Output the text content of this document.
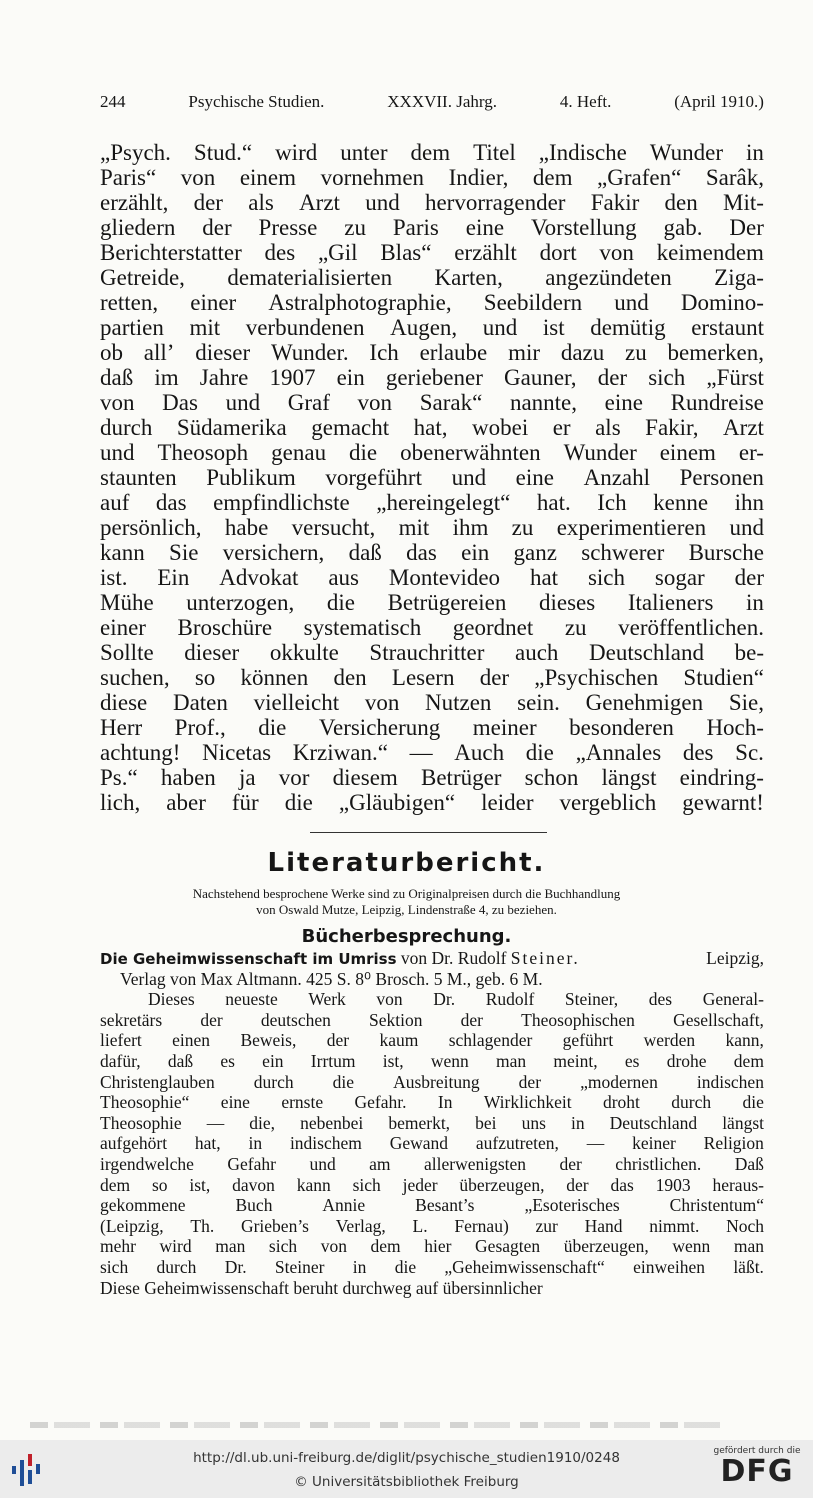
244	Psychische Studien.	XXXVII. Jahrg.	4. Heft.	(April 1910.)
„Psych. Stud.“ wird unter dem Titel „Indische Wunder in
Paris“ von einem vornehmen Indier, dem „Grafen“ Sarâk,
erzählt, der als Arzt und hervorragender Fakir den Mit-
gliedern der Presse zu Paris eine Vorstellung gab. Der
Berichterstatter des „Gil Blas“ erzählt dort von keimendem
Getreide, dematerialisierten Karten, angezündeten Ziga-
retten, einer Astralphotographie, Seebildern und Domino-
partien mit verbundenen Augen, und ist demütig erstaunt
ob all’ dieser Wunder. Ich erlaube mir dazu zu bemerken,
daß im Jahre 1907 ein geriebener Gauner, der sich „Fürst
von Das und Graf von Sarak“ nannte, eine Rundreise
durch Südamerika gemacht hat, wobei er als Fakir, Arzt
und Theosoph genau die obenerwähnten Wunder einem er-
staunten Publikum vorgeführt und eine Anzahl Personen
auf das empfindlichste „hereingelegt“ hat. Ich kenne ihn
persönlich, habe versucht, mit ihm zu experimentieren und
kann Sie versichern, daß das ein ganz schwerer Bursche
ist. Ein Advokat aus Montevideo hat sich sogar der
Mühe unterzogen, die Betrügereien dieses Italieners in
einer Broschüre systematisch geordnet zu veröffentlichen.
Sollte dieser okkulte Strauchritter auch Deutschland be-
suchen, so können den Lesern der „Psychischen Studien“
diese Daten vielleicht von Nutzen sein. Genehmigen Sie,
Herr Prof., die Versicherung meiner besonderen Hoch-
achtung! Nicetas Krziwan.“ — Auch die „Annales des Sc.
Ps.“ haben ja vor diesem Betrüger schon längst eindring-
lich, aber für die „Gläubigen“ leider vergeblich gewarnt!
Literaturbericht.
Nachstehend besprochene Werke sind zu Originalpreisen durch die Buchhandlung
von Oswald Mutze, Leipzig, Lindenstraße 4, zu beziehen.
Bücherbesprechung.
Die Geheimwissenschaft im Umriss von Dr. Rudolf Steiner.	Leipzig,
Verlag von Max Altmann. 425 S. 8⁰ Brosch. 5 M., geb. 6 M.
Dieses neueste Werk von Dr. Rudolf Steiner, des General-
sekretärs der deutschen Sektion der Theosophischen Gesellschaft,
liefert einen Beweis, der kaum schlagender geführt werden kann,
dafür, daß es ein Irrtum ist, wenn man meint, es drohe dem
Christenglauben durch die Ausbreitung der „modernen indischen
Theosophie“ eine ernste Gefahr. In Wirklichkeit droht durch die
Theosophie — die, nebenbei bemerkt, bei uns in Deutschland längst
aufgehört hat, in indischem Gewand aufzutreten, — keiner Religion
irgendwelche Gefahr und am allerwenigsten der christlichen. Daß
dem so ist, davon kann sich jeder überzeugen, der das 1903 heraus-
gekommene	Buch	Annie	Besant’s	„Esoterisches	Christentum“
(Leipzig, Th. Grieben’s Verlag, L. Fernau) zur Hand nimmt. Noch
mehr wird man sich von dem hier Gesagten überzeugen, wenn man
sich durch Dr. Steiner in die „Geheimwissenschaft“ einweihen läßt.
Diese Geheimwissenschaft beruht durchweg auf übersinnlicher
http://dl.ub.uni-freiburg.de/diglit/psychische_studien1910/0248
© Universitätsbibliothek Freiburg
gefördert durch die
DFG
